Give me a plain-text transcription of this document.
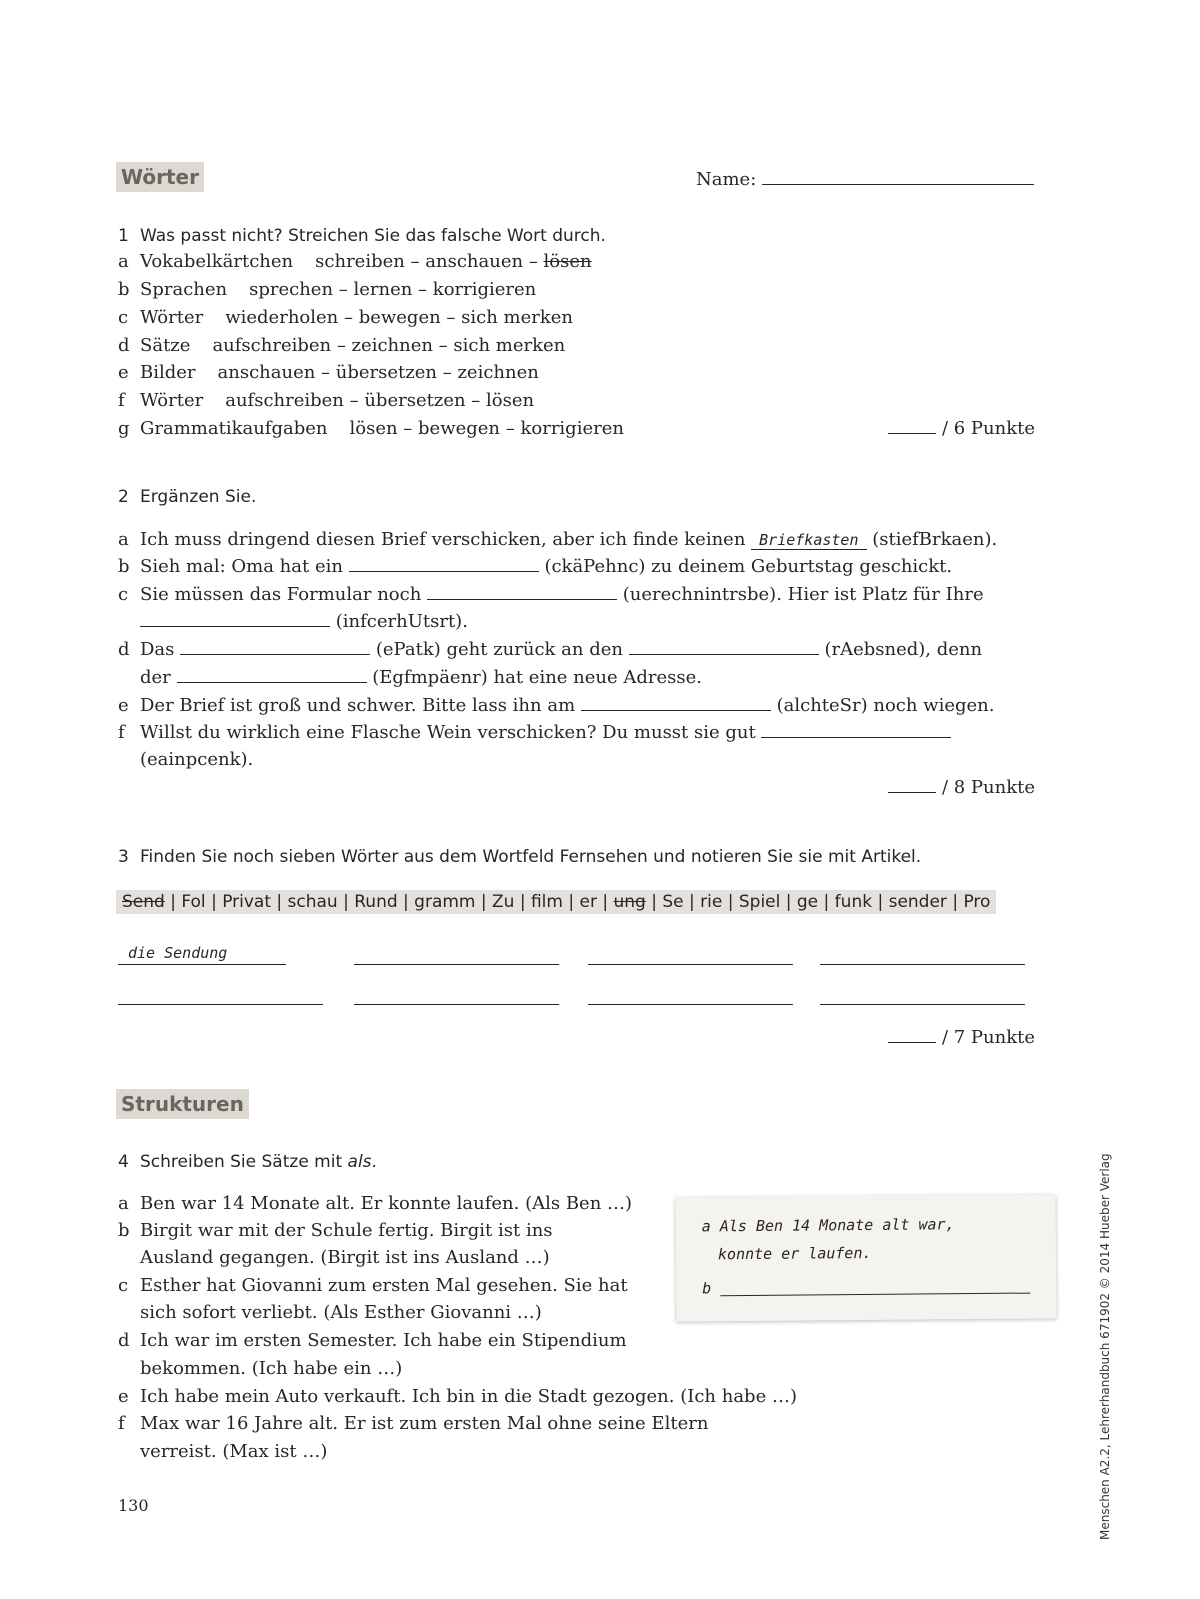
Wörter	Name:
1 Was passt nicht? Streichen Sie das falsche Wort durch.
a Vokabelkärtchen schreiben – anschauen – lösen
b Sprachen sprechen – lernen – korrigieren
c Wörter wiederholen – bewegen – sich merken
d Sätze aufschreiben – zeichnen – sich merken
e Bilder anschauen – übersetzen – zeichnen
f Wörter aufschreiben – übersetzen – lösen
g Grammatikaufgaben lösen – bewegen – korrigieren	/ 6 Punkte
2 Ergänzen Sie.
a Ich muss dringend diesen Brief verschicken, aber ich finde keinen Briefkasten (stiefBrkaen).
b Sieh mal: Oma hat ein	(ckäPehnc) zu deinem Geburtstag geschickt.
c Sie müssen das Formular noch	(uerechnintrsbe). Hier ist Platz für Ihre
(infcerhUtsrt).
d Das	(ePatk) geht zurück an den	(rAebsned), denn
der	(Egfmpäenr) hat eine neue Adresse.
e Der Brief ist groß und schwer. Bitte lass ihn am	(alchteSr) noch wiegen.
f Willst du wirklich eine Flasche Wein verschicken? Du musst sie gut
(eainpcenk).
/ 8 Punkte
3 Finden Sie noch sieben Wörter aus dem Wortfeld Fernsehen und notieren Sie sie mit Artikel.
Send | Fol | Privat | schau | Rund | gramm | Zu | film | er | ung | Se | rie | Spiel | ge | funk | sender | Pro
die Sendung
/ 7 Punkte
Strukturen
4 Schreiben Sie Sätze mit als.
a Ben war 14 Monate alt. Er konnte laufen. (Als Ben …)
b Birgit war mit der Schule fertig. Birgit ist ins
Ausland gegangen. (Birgit ist ins Ausland …)
c Esther hat Giovanni zum ersten Mal gesehen. Sie hat
sich sofort verliebt. (Als Esther Giovanni …)
d Ich war im ersten Semester. Ich habe ein Stipendium
bekommen. (Ich habe ein …)
e Ich habe mein Auto verkauft. Ich bin in die Stadt gezogen. (Ich habe …)
f Max war 16 Jahre alt. Er ist zum ersten Mal ohne seine Eltern
verreist. (Max ist …)
a Als Ben 14 Monate alt war,
konnte er laufen.
b
130	Menschen A2.2, Lehrerhandbuch 671902 © 2014 Hueber Verlag
